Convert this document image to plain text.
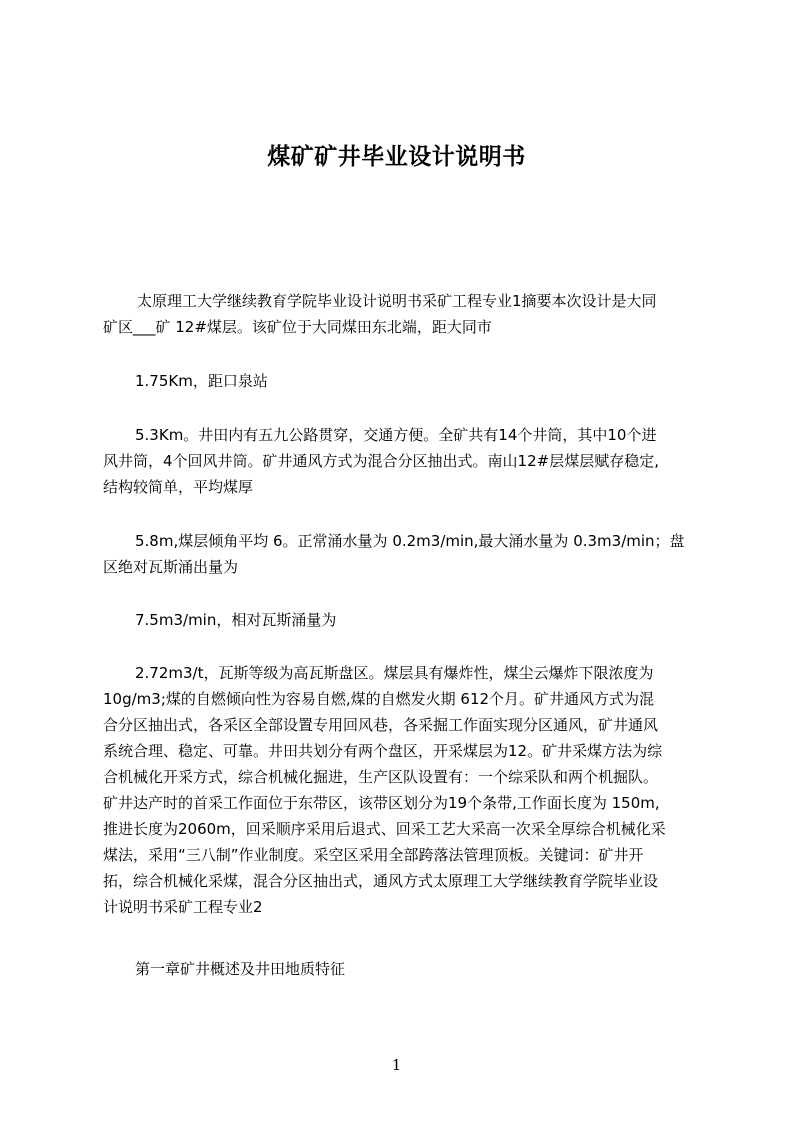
煤矿矿井毕业设计说明书

太原理工大学继续教育学院毕业设计说明书采矿工程专业1摘要本次设计是大同
矿区___矿 12#煤层。该矿位于大同煤田东北端，距大同市

1.75Km，距口泉站

5.3Km。井田内有五九公路贯穿，交通方便。全矿共有14个井筒，其中10个进
风井筒，4个回风井筒。矿井通风方式为混合分区抽出式。南山12#层煤层赋存稳定,
结构较简单，平均煤厚

5.8m,煤层倾角平均 6。正常涌水量为 0.2m3/min,最大涌水量为 0.3m3/min；盘
区绝对瓦斯涌出量为

7.5m3/min，相对瓦斯涌量为

2.72m3/t，瓦斯等级为高瓦斯盘区。煤层具有爆炸性，煤尘云爆炸下限浓度为
10g/m3;煤的自燃倾向性为容易自燃,煤的自燃发火期 612个月。矿井通风方式为混
合分区抽出式，各采区全部设置专用回风巷，各采掘工作面实现分区通风，矿井通风
系统合理、稳定、可靠。井田共划分有两个盘区，开采煤层为12。矿井采煤方法为综
合机械化开采方式，综合机械化掘进，生产区队设置有：一个综采队和两个机掘队。
矿井达产时的首采工作面位于东带区，该带区划分为19个条带,工作面长度为 150m,
推进长度为2060m，回采顺序采用后退式、回采工艺大采高一次采全厚综合机械化采
煤法，采用“三八制”作业制度。采空区采用全部跨落法管理顶板。关键词：矿井开
拓，综合机械化采煤，混合分区抽出式，通风方式太原理工大学继续教育学院毕业设
计说明书采矿工程专业2

第一章矿井概述及井田地质特征

1
